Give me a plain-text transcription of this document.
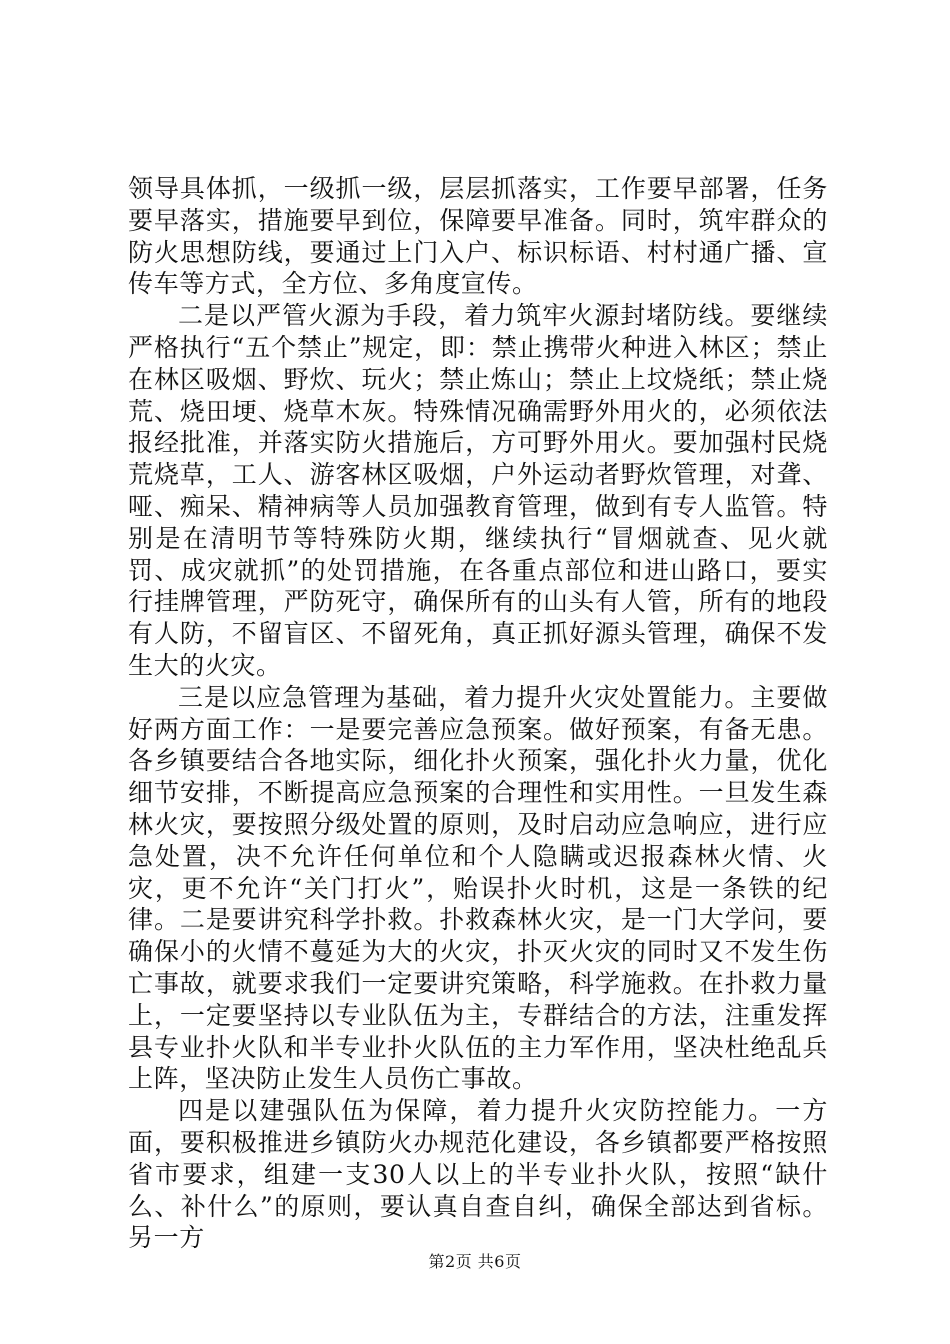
领导具体抓，一级抓一级，层层抓落实，工作要早部署，任务要早落实，措施要早到位，保障要早准备。同时，筑牢群众的防火思想防线，要通过上门入户、标识标语、村村通广播、宣传车等方式，全方位、多角度宣传。

二是以严管火源为手段，着力筑牢火源封堵防线。要继续严格执行“五个禁止”规定，即：禁止携带火种进入林区；禁止在林区吸烟、野炊、玩火；禁止炼山；禁止上坟烧纸；禁止烧荒、烧田埂、烧草木灰。特殊情况确需野外用火的，必须依法报经批准，并落实防火措施后，方可野外用火。要加强村民烧荒烧草，工人、游客林区吸烟，户外运动者野炊管理，对聋、哑、痴呆、精神病等人员加强教育管理，做到有专人监管。特别是在清明节等特殊防火期，继续执行“冒烟就查、见火就罚、成灾就抓”的处罚措施，在各重点部位和进山路口，要实行挂牌管理，严防死守，确保所有的山头有人管，所有的地段有人防，不留盲区、不留死角，真正抓好源头管理，确保不发生大的火灾。

三是以应急管理为基础，着力提升火灾处置能力。主要做好两方面工作：一是要完善应急预案。做好预案，有备无患。各乡镇要结合各地实际，细化扑火预案，强化扑火力量，优化细节安排，不断提高应急预案的合理性和实用性。一旦发生森林火灾，要按照分级处置的原则，及时启动应急响应，进行应急处置，决不允许任何单位和个人隐瞒或迟报森林火情、火灾，更不允许“关门打火”，贻误扑火时机，这是一条铁的纪律。二是要讲究科学扑救。扑救森林火灾，是一门大学问，要确保小的火情不蔓延为大的火灾，扑灭火灾的同时又不发生伤亡事故，就要求我们一定要讲究策略，科学施救。在扑救力量上，一定要坚持以专业队伍为主，专群结合的方法，注重发挥县专业扑火队和半专业扑火队伍的主力军作用，坚决杜绝乱兵上阵，坚决防止发生人员伤亡事故。

四是以建强队伍为保障，着力提升火灾防控能力。一方面，要积极推进乡镇防火办规范化建设，各乡镇都要严格按照省市要求，组建一支30人以上的半专业扑火队，按照“缺什么、补什么”的原则，要认真自查自纠，确保全部达到省标。另一方

第2页 共6页
